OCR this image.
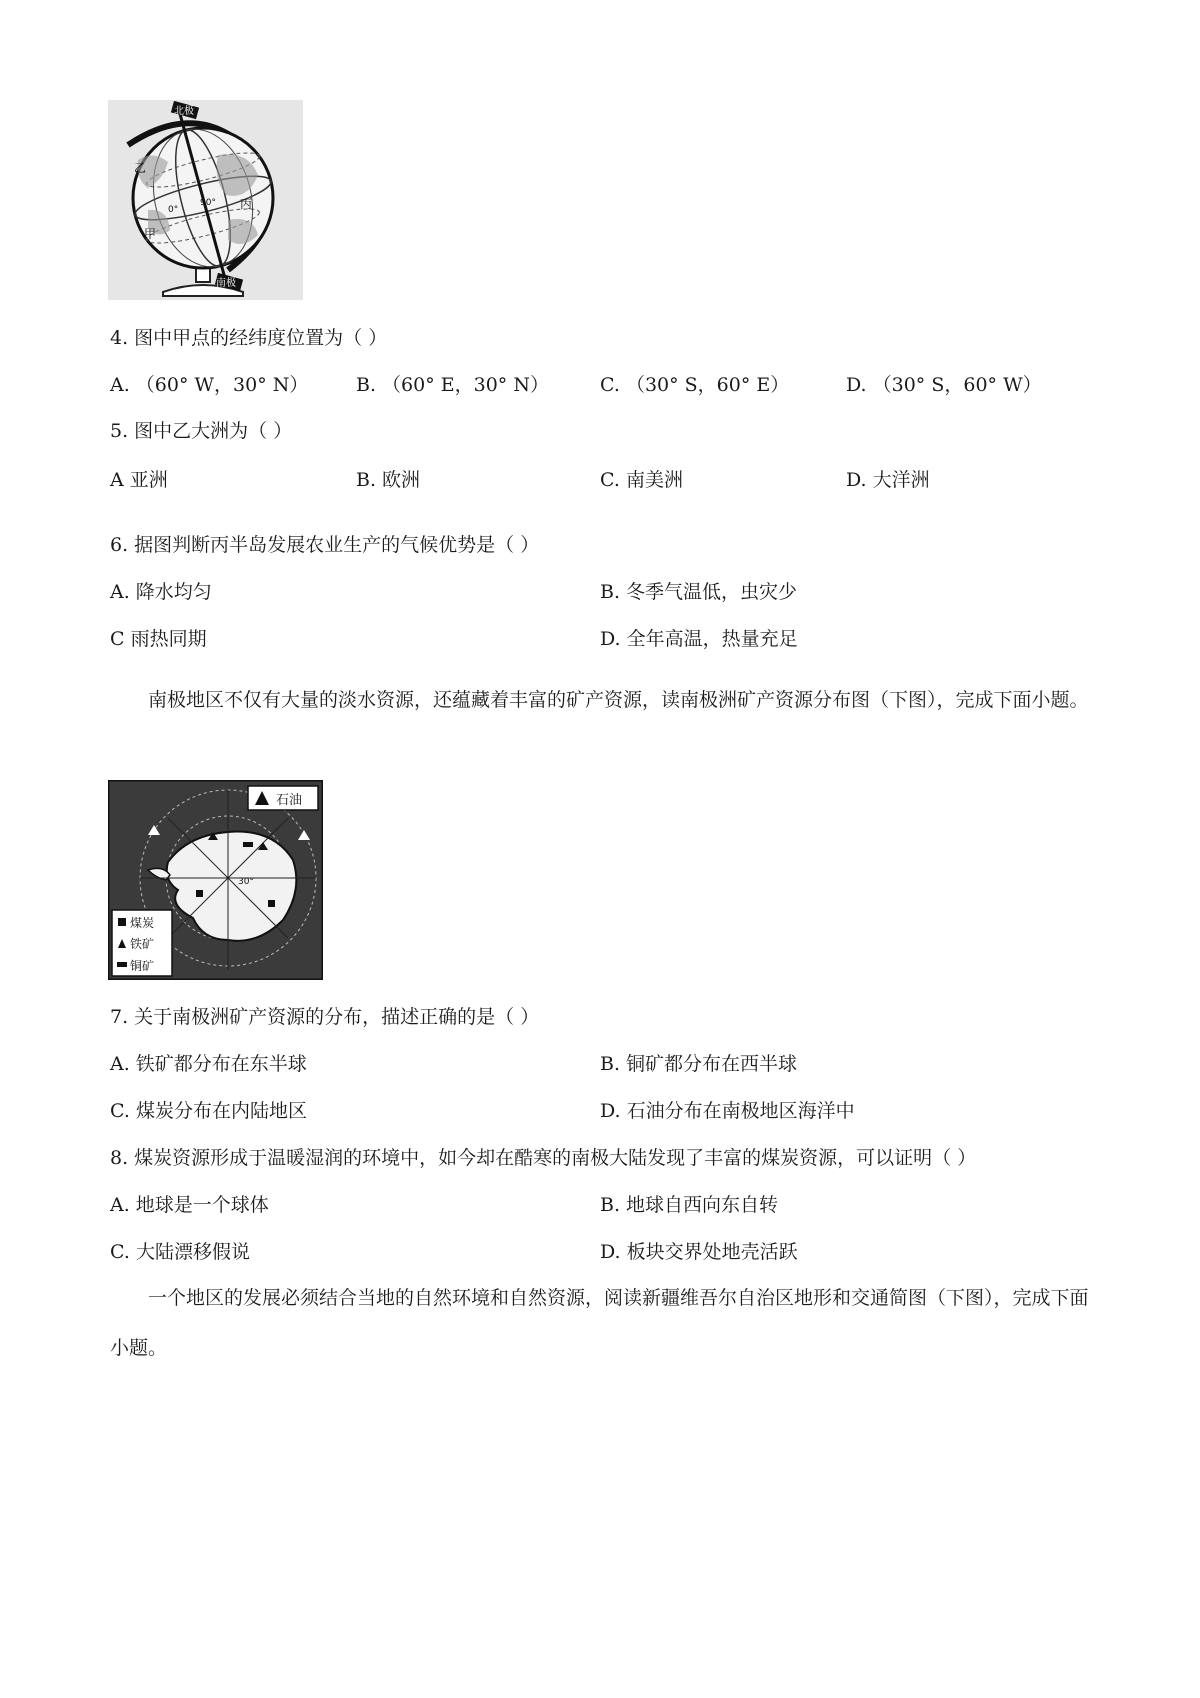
北极
南极
甲
乙
丙
90°
0°
4. 图中甲点的经纬度位置为（ ）
A. （60° W，30° N）	B. （60° E，30° N）	C. （30° S，60° E）	D. （30° S，60° W）
5. 图中乙大洲为（ ）
A 亚洲	B. 欧洲	C. 南美洲	D. 大洋洲
6. 据图判断丙半岛发展农业生产的气候优势是（ ）
A. 降水均匀	B. 冬季气温低，虫灾少
C 雨热同期	D. 全年高温，热量充足
南极地区不仅有大量的淡水资源，还蕴藏着丰富的矿产资源，读南极洲矿产资源分布图（下图），完成下面小题。
30°
石油
煤炭
铁矿
铜矿
7. 关于南极洲矿产资源的分布，描述正确的是（ ）
A. 铁矿都分布在东半球	B. 铜矿都分布在西半球
C. 煤炭分布在内陆地区	D. 石油分布在南极地区海洋中
8. 煤炭资源形成于温暖湿润的环境中，如今却在酷寒的南极大陆发现了丰富的煤炭资源，可以证明（ ）
A. 地球是一个球体	B. 地球自西向东自转
C. 大陆漂移假说	D. 板块交界处地壳活跃
一个地区的发展必须结合当地的自然环境和自然资源，阅读新疆维吾尔自治区地形和交通简图（下图），完成下面小题。
